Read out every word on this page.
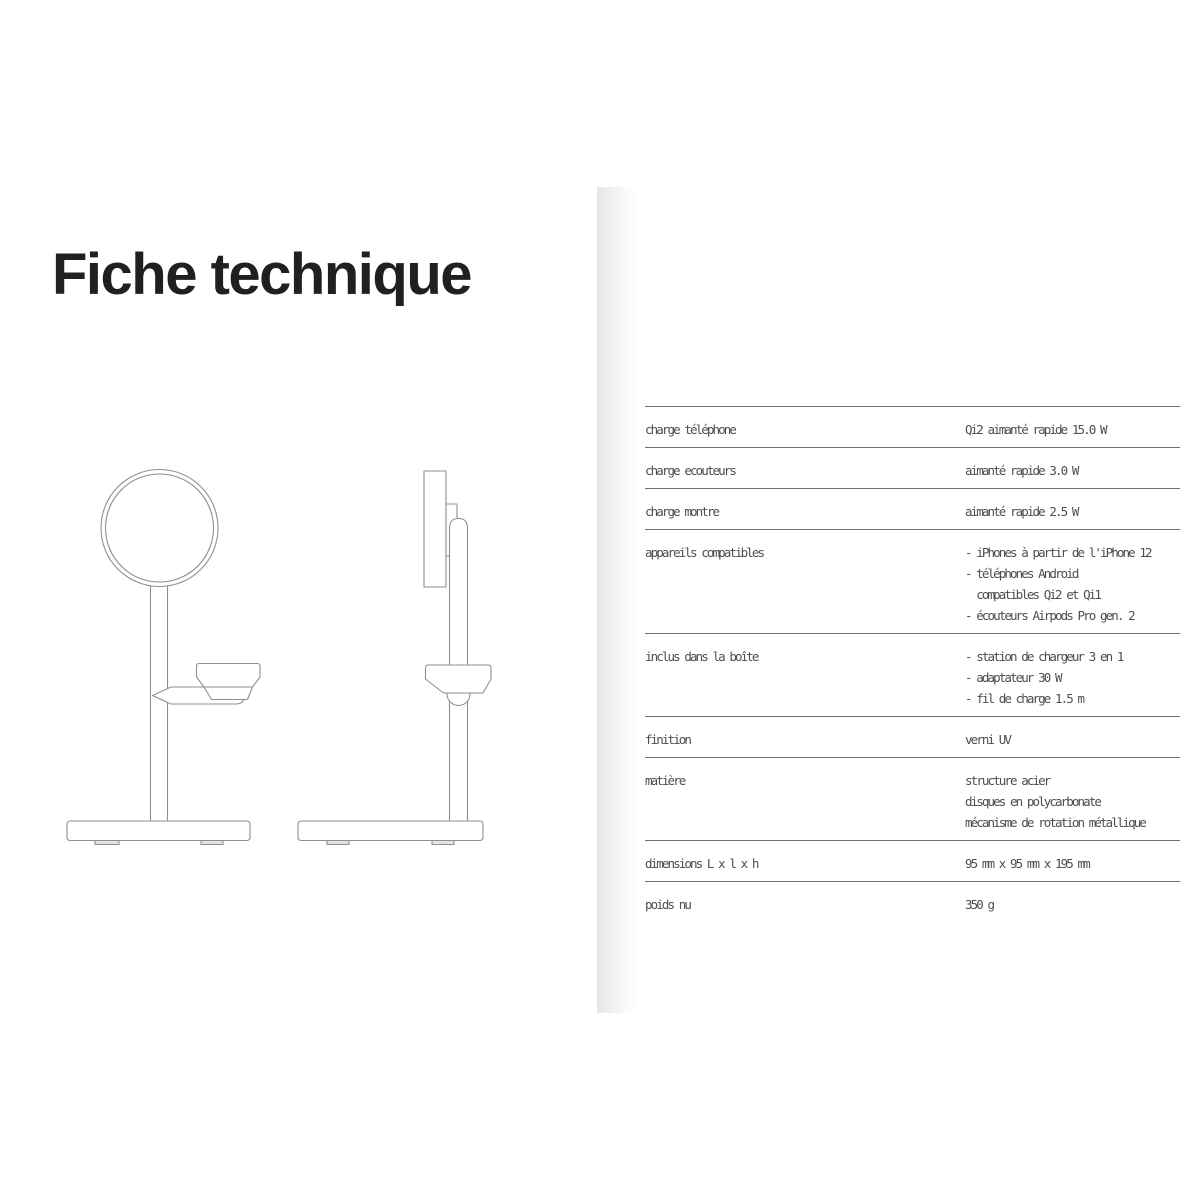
Fiche technique
charge téléphone	Qi2 aimanté rapide 15.0 W
charge ecouteurs	aimanté rapide 3.0 W
charge montre	aimanté rapide 2.5 W
appareils compatibles	- iPhones à partir de l'iPhone 12
- téléphones Android
compatibles Qi2 et Qi1
- écouteurs Airpods Pro gen. 2
inclus dans la boîte	- station de chargeur 3 en 1
- adaptateur 30 W
- fil de charge 1.5 m
finition	verni UV
matière	structure acier
disques en polycarbonate
mécanisme de rotation métallique
dimensions L x l x h	95 mm x 95 mm x 195 mm
poids nu	350 g
